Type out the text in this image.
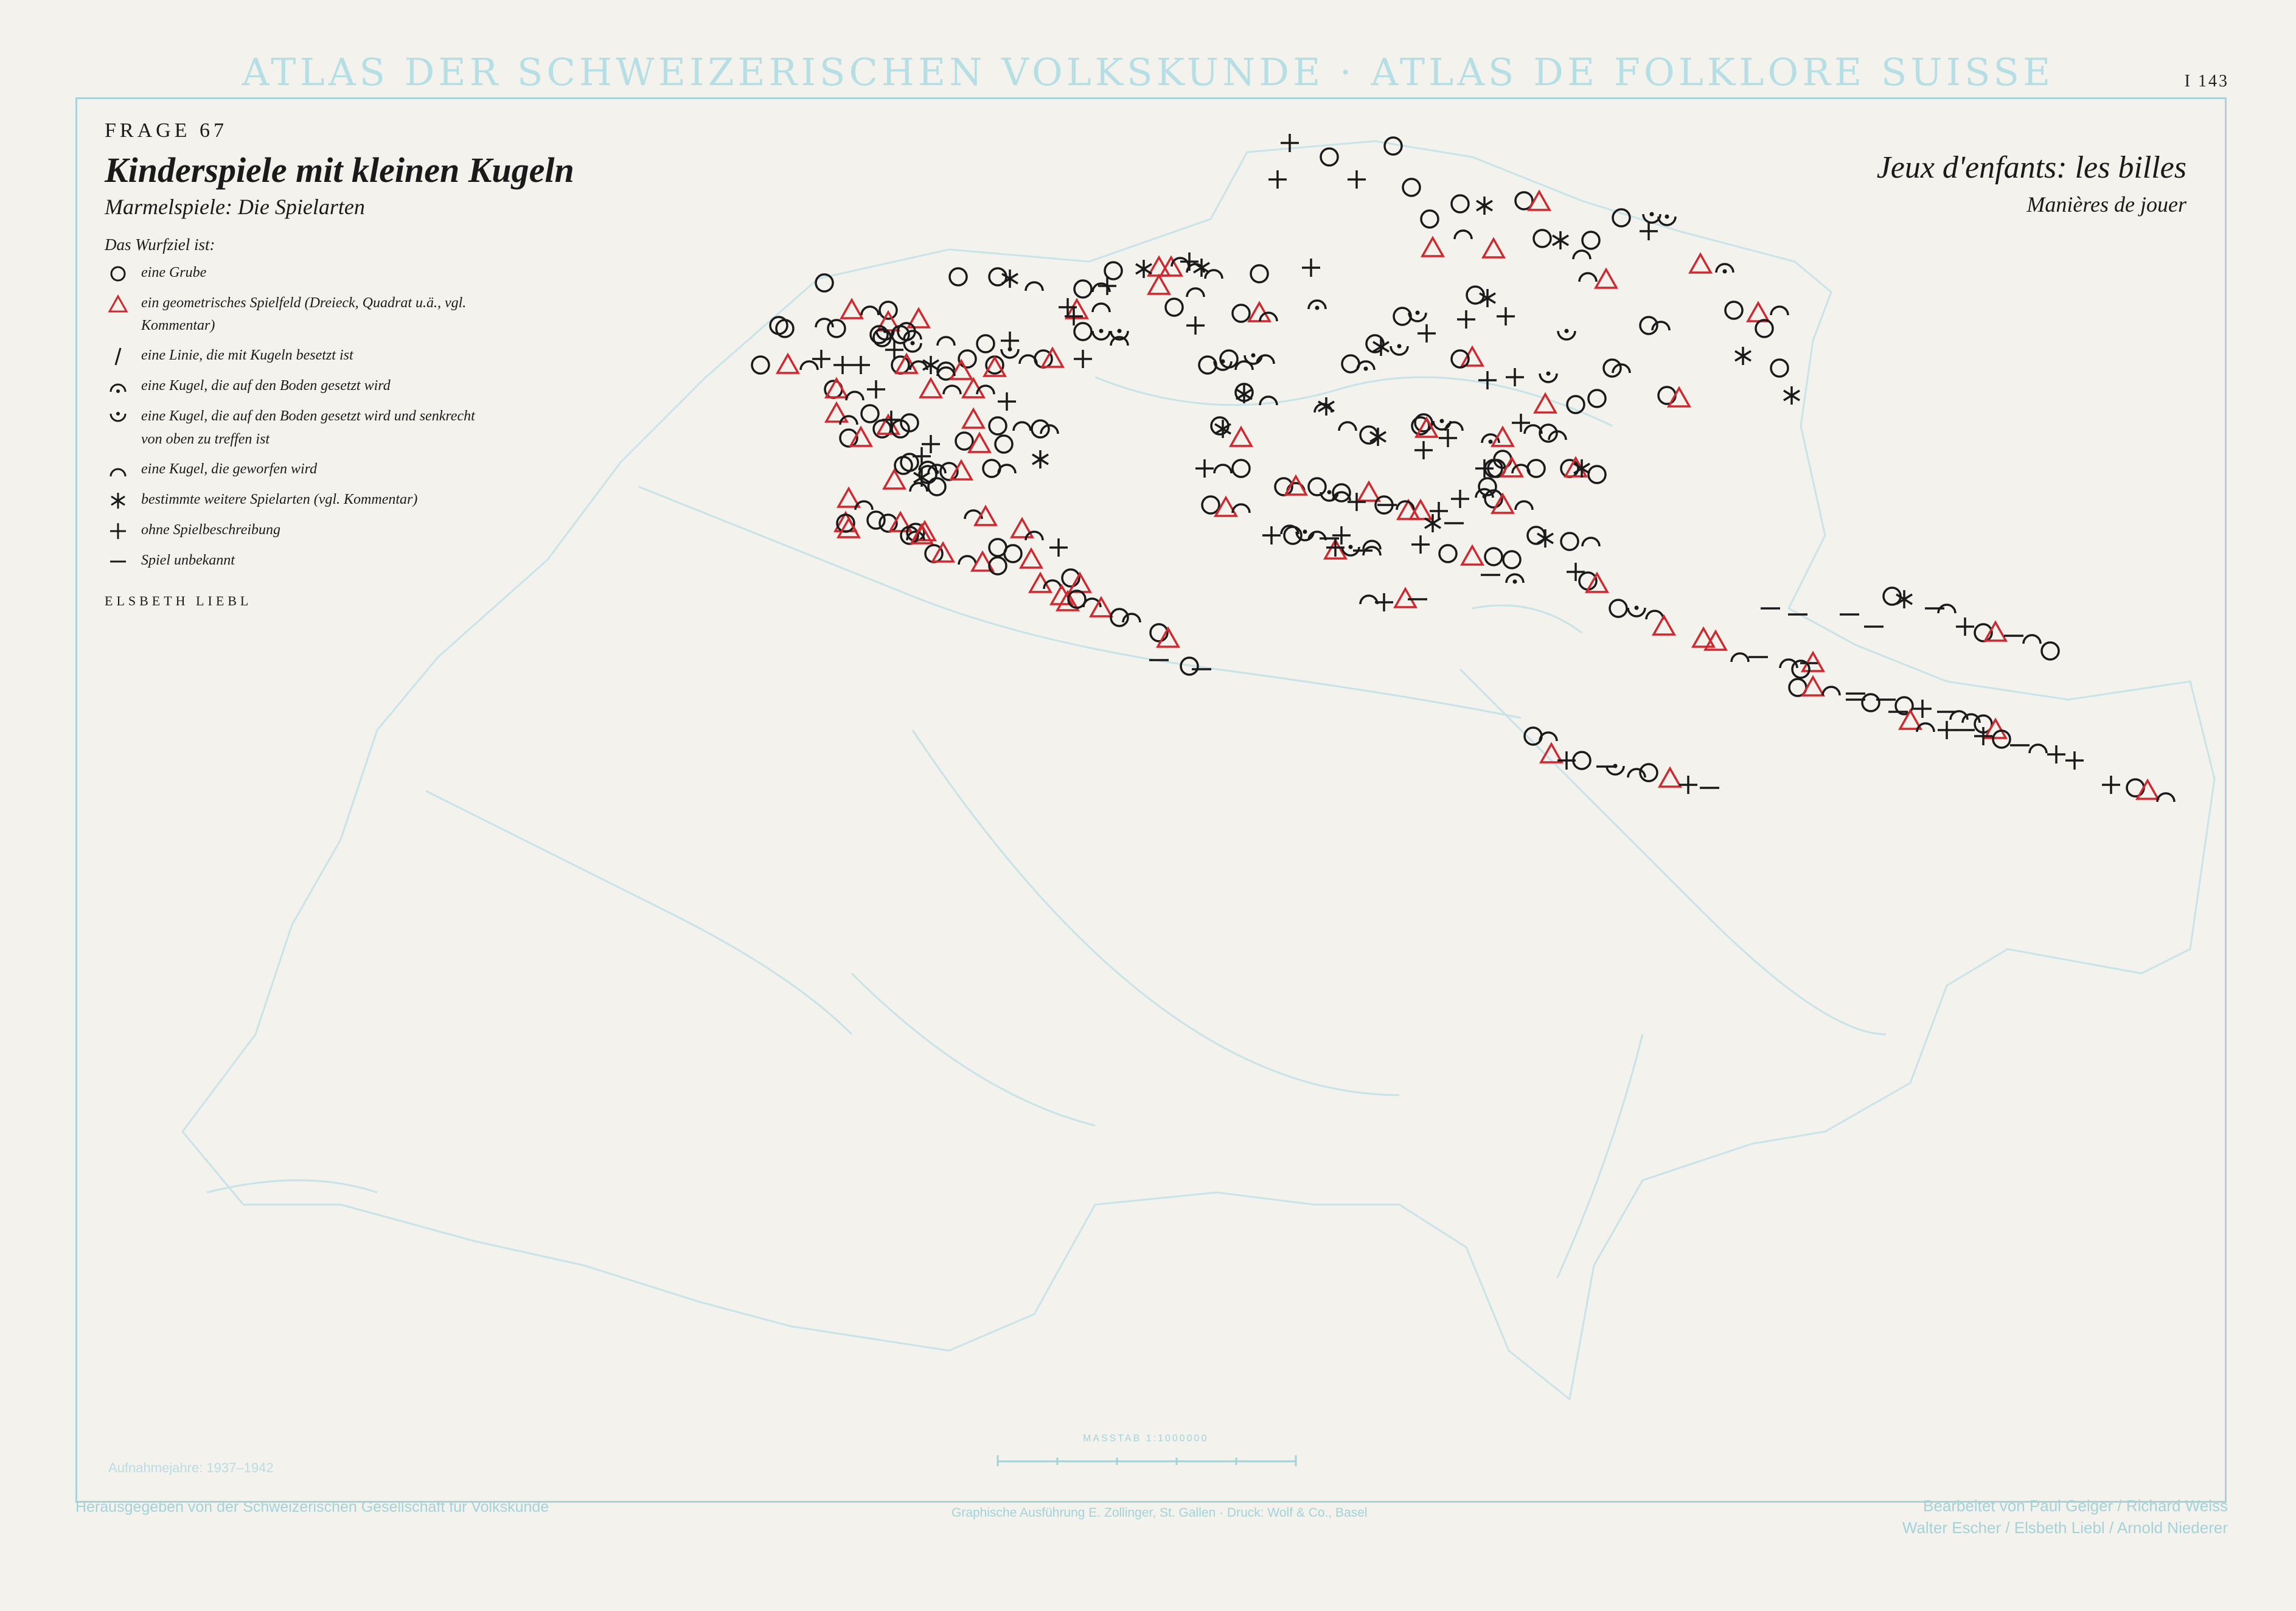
ATLAS DER SCHWEIZERISCHEN VOLKSKUNDE · ATLAS DE FOLKLORE SUISSE	I 143
FRAGE 67
Kinderspiele mit kleinen Kugeln
Marmelspiele: Die Spielarten
Das Wurfziel ist:
eine Grube
ein geometrisches Spielfeld (Dreieck, Quadrat u.ä., vgl. Kommentar)
eine Linie, die mit Kugeln besetzt ist
eine Kugel, die auf den Boden gesetzt wird
eine Kugel, die auf den Boden gesetzt wird und senkrecht von oben zu treffen ist
eine Kugel, die geworfen wird
bestimmte weitere Spielarten (vgl. Kommentar)
ohne Spielbeschreibung
Spiel unbekannt
ELSBETH LIEBL
Jeux d'enfants: les billes
Manières de jouer
MASSTAB 1:1000000
Aufnahmejahre: 1937–1942
Herausgegeben von der Schweizerischen Gesellschaft für Volkskunde	Graphische Ausführung E. Zollinger, St. Gallen · Druck: Wolf & Co., Basel	Bearbeitet von Paul Geiger / Richard Weiss
Walter Escher / Elsbeth Liebl / Arnold Niederer
